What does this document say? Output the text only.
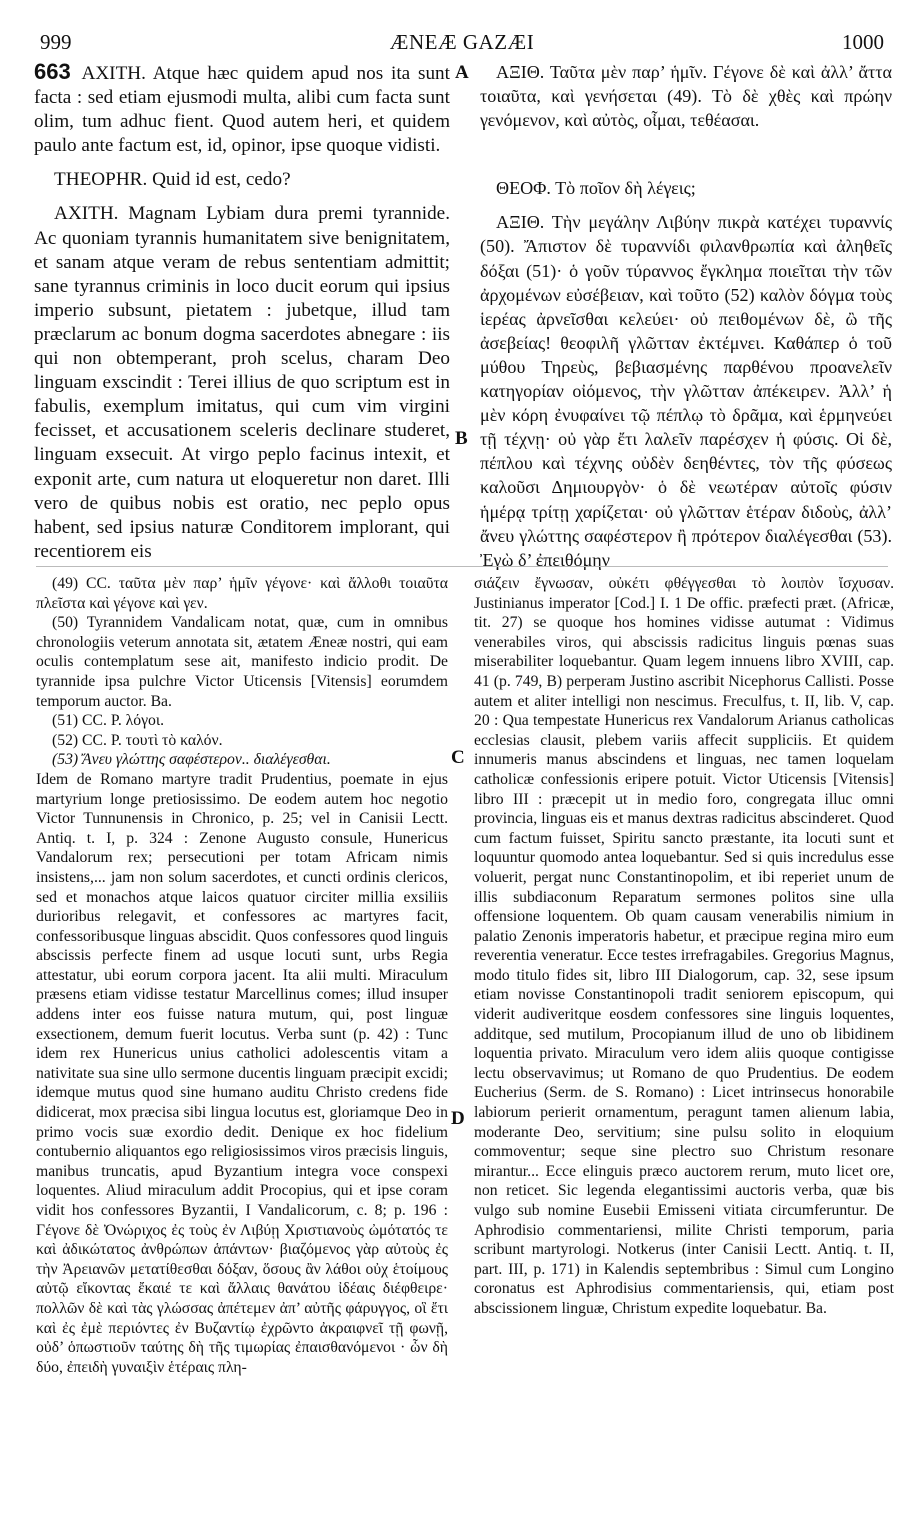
999	ÆNEÆ GAZÆI	1000

663 AXITH. Atque hæc quidem apud nos ita sunt facta : sed etiam ejusmodi multa, alibi cum facta sunt olim, tum adhuc fient. Quod autem heri, et quidem paulo ante factum est, id, opinor, ipse quoque vidisti.

THEOPHR. Quid id est, cedo?

AXITH. Magnam Lybiam dura premi tyrannide. Ac quoniam tyrannis humanitatem sive benignitatem, et sanam atque veram de rebus sententiam admittit; sane tyrannus criminis in loco ducit eorum qui ipsius imperio subsunt, pietatem : jubetque, illud tam præclarum ac bonum dogma sacerdotes abnegare : iis qui non obtemperant, proh scelus, charam Deo linguam exscindit : Terei illius de quo scriptum est in fabulis, exemplum imitatus, qui cum vim virgini fecisset, et accusationem sceleris declinare studeret, linguam exsecuit. At virgo peplo facinus intexit, et exponit arte, cum natura ut eloqueretur non daret. Illi vero de quibus nobis est oratio, nec peplo opus habent, sed ipsius naturæ Conditorem implorant, qui recentiorem eis

ΑΞΙΘ. Ταῦτα μὲν παρ’ ἡμῖν. Γέγονε δὲ καὶ ἀλλ’ ἄττα τοιαῦτα, καὶ γενήσεται (49). Τὸ δὲ χθὲς καὶ πρώην γενόμενον, καὶ αὐτὸς, οἶμαι, τεθέασαι.

ΘΕΟΦ. Τὸ ποῖον δὴ λέγεις;

ΑΞΙΘ. Τὴν μεγάλην Λιβύην πικρὰ κατέχει τυραννίς (50). Ἄπιστον δὲ τυραννίδι φιλανθρωπία καὶ ἀληθεῖς δόξαι (51)· ὁ γοῦν τύραννος ἔγκλημα ποιεῖται τὴν τῶν ἀρχομένων εὐσέβειαν, καὶ τοῦτο (52) καλὸν δόγμα τοὺς ἱερέας ἀρνεῖσθαι κελεύει· οὐ πειθομένων δὲ, ὢ τῆς ἀσεβείας! θεοφιλῆ γλῶτταν ἐκτέμνει. Καθάπερ ὁ τοῦ μύθου Τηρεὺς, βεβιασμένης παρθένου προανελεῖν κατηγορίαν οἰόμενος, τὴν γλῶτταν ἀπέκειρεν. Ἀλλ’ ἡ μὲν κόρη ἐνυφαίνει τῷ πέπλῳ τὸ δρᾶμα, καὶ ἑρμηνεύει τῇ τέχνῃ· οὐ γὰρ ἔτι λαλεῖν παρέσχεν ἡ φύσις. Οἱ δὲ, πέπλου καὶ τέχνης οὐδὲν δεηθέντες, τὸν τῆς φύσεως καλοῦσι Δημιουργὸν· ὁ δὲ νεωτέραν αὐτοῖς φύσιν ἡμέρᾳ τρίτῃ χαρίζεται· οὐ γλῶτταν ἑτέραν διδοὺς, ἀλλ’ ἄνευ γλώττης σαφέστερον ἢ πρότερον διαλέγεσθαι (53). Ἐγὼ δ’ ἐπειθόμην

A
B
C
D

(49) CC. ταῦτα μὲν παρ’ ἡμῖν γέγονε· καὶ ἄλλοθι τοιαῦτα πλεῖστα καὶ γέγονε καὶ γεν.

(50) Tyrannidem Vandalicam notat, quæ, cum in omnibus chronologiis veterum annotata sit, ætatem Æneæ nostri, qui eam oculis contemplatum sese ait, manifesto indicio prodit. De tyrannide ipsa pulchre Victor Uticensis [Vitensis] eorumdem temporum auctor. Ba.

(51) CC. P. λόγοι.

(52) CC. P. τουτὶ τὸ καλόν.

(53) Ἄνευ γλώττης σαφέστερον.. διαλέγεσθαι.

Idem de Romano martyre tradit Prudentius, poemate in ejus martyrium longe pretiosissimo. De eodem autem hoc negotio Victor Tunnunensis in Chronico, p. 25; vel in Canisii Lectt. Antiq. t. I, p. 324 : Zenone Augusto consule, Hunericus Vandalorum rex; persecutioni per totam Africam nimis insistens,... jam non solum sacerdotes, et cuncti ordinis clericos, sed et monachos atque laicos quatuor circiter millia exsiliis durioribus relegavit, et confessores ac martyres facit, confessoribusque linguas abscidit. Quos confessores quod linguis abscissis perfecte finem ad usque locuti sunt, urbs Regia attestatur, ubi eorum corpora jacent. Ita alii multi. Miraculum præsens etiam vidisse testatur Marcellinus comes; illud insuper addens inter eos fuisse natura mutum, qui, post linguæ exsectionem, demum fuerit locutus. Verba sunt (p. 42) : Tunc idem rex Hunericus unius catholici adolescentis vitam a nativitate sua sine ullo sermone ducentis linguam præcipit excidi; idemque mutus quod sine humano auditu Christo credens fide didicerat, mox præcisa sibi lingua locutus est, gloriamque Deo in primo vocis suæ exordio dedit. Denique ex hoc fidelium contubernio aliquantos ego religiosissimos viros præcisis linguis, manibus truncatis, apud Byzantium integra voce conspexi loquentes. Aliud miraculum addit Procopius, qui et ipse coram vidit hos confessores Byzantii, I Vandalicorum, c. 8; p. 196 : Γέγονε δὲ Ὀνώριχος ἐς τοὺς ἐν Λιβύῃ Χριστιανοὺς ὠμότατός τε καὶ ἀδικώτατος ἀνθρώπων ἁπάντων· βιαζόμενος γὰρ αὐτοὺς ἐς τὴν Ἀρειανῶν μετατίθεσθαι δόξαν, ὅσους ἂν λάθοι οὐχ ἑτοίμους αὐτῷ εἴκοντας ἔκαιέ τε καὶ ἄλλαις θανάτου ἰδέαις διέφθειρε· πολλῶν δὲ καὶ τὰς γλώσσας ἀπέτεμεν ἀπ’ αὐτῆς φάρυγγος, οἳ ἔτι καὶ ἐς ἐμὲ περιόντες ἐν Βυζαντίῳ ἐχρῶντο ἀκραιφνεῖ τῇ φωνῇ, οὐδ’ ὁπωστιοῦν ταύτης δὴ τῆς τιμωρίας ἐπαισθανόμενοι · ὧν δὴ δύο, ἐπειδὴ γυναιξὶν ἑτέραις πλη-

σιάζειν ἔγνωσαν, οὐκέτι φθέγγεσθαι τὸ λοιπὸν ἴσχυσαν. Justinianus imperator [Cod.] I. 1 De offic. præfecti præt. (Africæ, tit. 27) se quoque hos homines vidisse autumat : Vidimus venerabiles viros, qui abscissis radicitus linguis pœnas suas miserabiliter loquebantur. Quam legem innuens libro XVIII, cap. 41 (p. 749, B) perperam Justino ascribit Nicephorus Callisti. Posse autem et aliter intelligi non nescimus. Freculfus, t. II, lib. V, cap. 20 : Qua tempestate Hunericus rex Vandalorum Arianus catholicas ecclesias clausit, plebem variis affecit suppliciis. Et quidem innumeris manus abscindens et linguas, nec tamen loquelam catholicæ confessionis eripere potuit. Victor Uticensis [Vitensis] libro III : præcepit ut in medio foro, congregata illuc omni provincia, linguas eis et manus dextras radicitus abscinderet. Quod cum factum fuisset, Spiritu sancto præstante, ita locuti sunt et loquuntur quomodo antea loquebantur. Sed si quis incredulus esse voluerit, pergat nunc Constantinopolim, et ibi reperiet unum de illis subdiaconum Reparatum sermones politos sine ulla offensione loquentem. Ob quam causam venerabilis nimium in palatio Zenonis imperatoris habetur, et præcipue regina miro eum reverentia veneratur. Ecce testes irrefragabiles. Gregorius Magnus, modo titulo fides sit, libro III Dialogorum, cap. 32, sese ipsum etiam novisse Constantinopoli tradit seniorem episcopum, qui viderit audiveritque eosdem confessores sine linguis loquentes, additque, sed mutilum, Procopianum illud de uno ob libidinem loquentia privato. Miraculum vero idem aliis quoque contigisse lectu observavimus; ut Romano de quo Prudentius. De eodem Eucherius (Serm. de S. Romano) : Licet intrinsecus honorabile labiorum perierit ornamentum, peragunt tamen alienum labia, moderante Deo, servitium; sine pulsu solito in eloquium commoventur; seque sine plectro suo Christum resonare mirantur... Ecce elinguis præco auctorem rerum, muto licet ore, non reticet. Sic legenda elegantissimi auctoris verba, quæ bis vulgo sub nomine Eusebii Emisseni vitiata circumferuntur. De Aphrodisio commentariensi, milite Christi temporum, paria scribunt martyrologi. Notkerus (inter Canisii Lectt. Antiq. t. II, part. III, p. 171) in Kalendis septembribus : Simul cum Longino coronatus est Aphrodisius commentariensis, qui, etiam post abscissionem linguæ, Christum expedite loquebatur. Ba.
